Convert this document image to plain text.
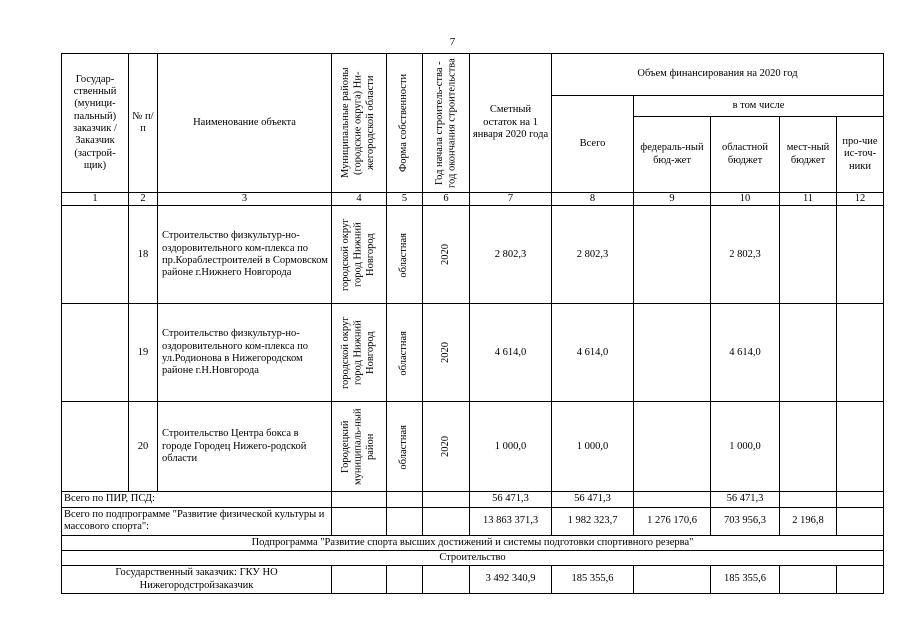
7
Государ-ственный (муници-пальный) заказчик / Заказчик (застрой-щик)	№ п/п	Наименование объекта	Муниципальные районы (городские округа) Ни-жегородской области	Форма собственности	Год начала строитель-ства - год окончания строительства	Сметный остаток на 1 января 2020 года	Объем финансирования на 2020 год				
							Всего	в том числе			
								федераль-ный бюд-жет	областной бюджет	мест-ный бюджет	про-чие ис-точ-ники
1	2	3	4	5	6	7	8	9	10	11	12
	18	Строительство физкультур-но-оздоровительного ком-плекса по пр.Кораблестроителей в Сормовском районе г.Нижнего Новгорода	городской округ город Нижний Новгород	областная	2020	2 802,3	2 802,3		2 802,3		
	19	Строительство физкультур-но-оздоровительного ком-плекса по ул.Родионова в Нижегородском районе г.Н.Новгорода	городской округ город Нижний Новгород	областная	2020	4 614,0	4 614,0		4 614,0		
	20	Строительство Центра бокса в городе Городец Нижего-родской области	Городецкий муниципаль-ный район	областная	2020	1 000,0	1 000,0		1 000,0		
Всего по ПИР, ПСД:						56 471,3	56 471,3		56 471,3		
Всего по подпрограмме "Развитие физической культуры и массового спорта":						13 863 371,3	1 982 323,7	1 276 170,6	703 956,3	2 196,8	
Подпрограмма "Развитие спорта высших достижений и системы подготовки спортивного резерва"											
Строительство											
Государственный заказчик: ГКУ НО Нижегородстройзаказчик						3 492 340,9	185 355,6		185 355,6		
